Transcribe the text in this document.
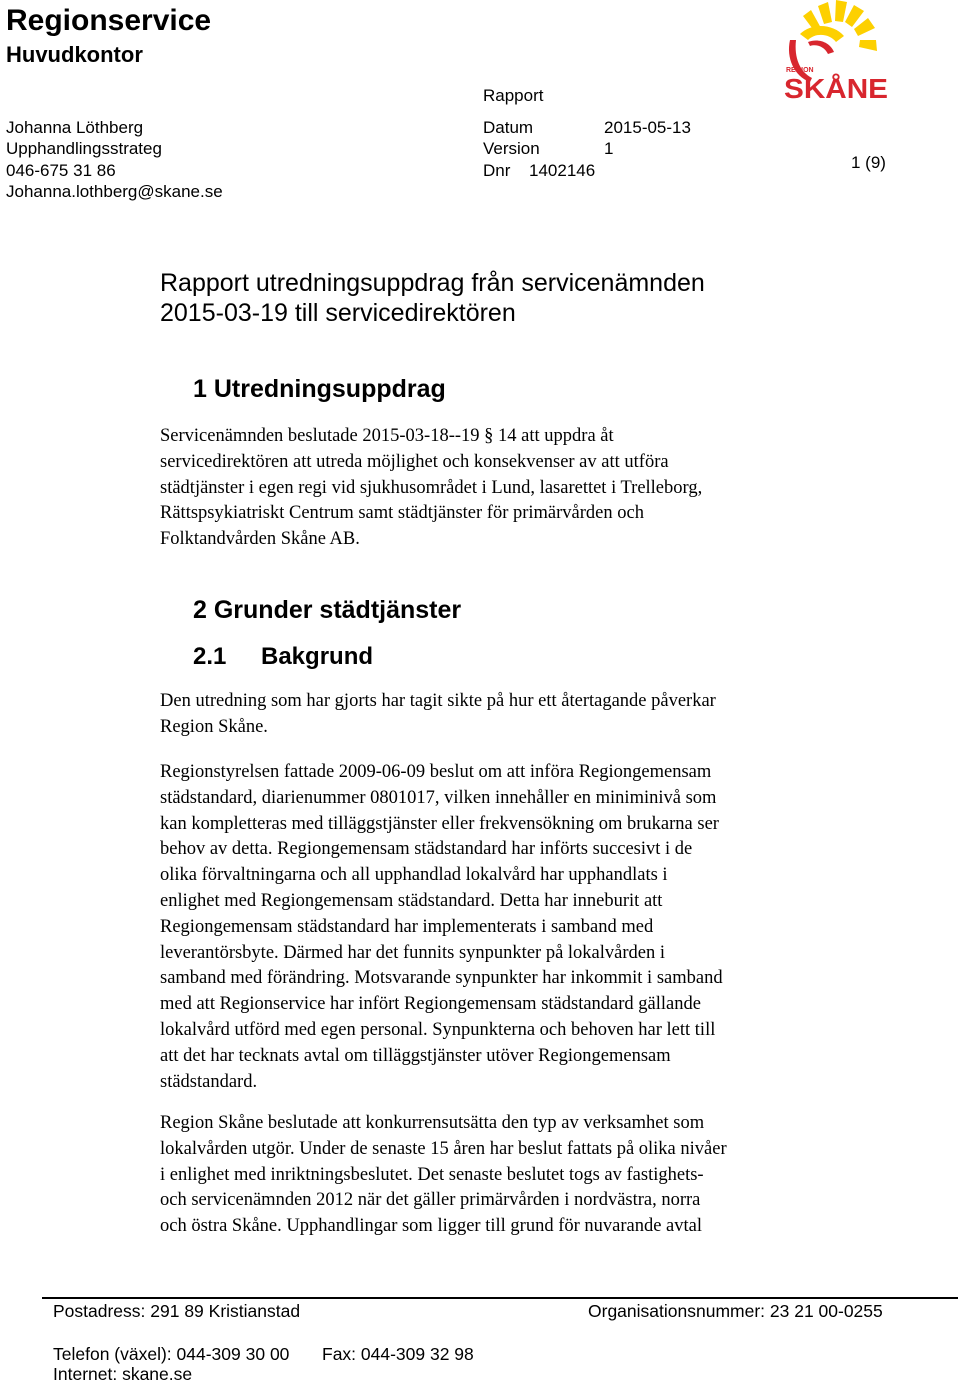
Regionservice
Huvudkontor
Johanna Löthberg
Upphandlingsstrateg
046-675 31 86
Johanna.lothberg@skane.se
Rapport
Datum	2015-05-13
Version	1
Dnr 1402146	1 (9)
REGION
SKÅNE
Rapport utredningsuppdrag från servicenämnden
2015-03-19 till servicedirektören
1 Utredningsuppdrag
Servicenämnden beslutade 2015-03-18--19 § 14 att uppdra åt
servicedirektören att utreda möjlighet och konsekvenser av att utföra
städtjänster i egen regi vid sjukhusområdet i Lund, lasarettet i Trelleborg,
Rättspsykiatriskt Centrum samt städtjänster för primärvården och
Folktandvården Skåne AB.
2 Grunder städtjänster
2.1 Bakgrund
Den utredning som har gjorts har tagit sikte på hur ett återtagande påverkar
Region Skåne.
Regionstyrelsen fattade 2009-06-09 beslut om att införa Regiongemensam
städstandard, diarienummer 0801017, vilken innehåller en miniminivå som
kan kompletteras med tilläggstjänster eller frekvensökning om brukarna ser
behov av detta. Regiongemensam städstandard har införts succesivt i de
olika förvaltningarna och all upphandlad lokalvård har upphandlats i
enlighet med Regiongemensam städstandard. Detta har inneburit att
Regiongemensam städstandard har implementerats i samband med
leverantörsbyte. Därmed har det funnits synpunkter på lokalvården i
samband med förändring. Motsvarande synpunkter har inkommit i samband
med att Regionservice har infört Regiongemensam städstandard gällande
lokalvård utförd med egen personal. Synpunkterna och behoven har lett till
att det har tecknats avtal om tilläggstjänster utöver Regiongemensam
städstandard.
Region Skåne beslutade att konkurrensutsätta den typ av verksamhet som
lokalvården utgör. Under de senaste 15 åren har beslut fattats på olika nivåer
i enlighet med inriktningsbeslutet. Det senaste beslutet togs av fastighets-
och servicenämnden 2012 när det gäller primärvården i nordvästra, norra
och östra Skåne. Upphandlingar som ligger till grund för nuvarande avtal
Postadress: 291 89 Kristianstad	Organisationsnummer: 23 21 00-0255
Telefon (växel): 044-309 30 00 Fax: 044-309 32 98
Internet: skane.se
